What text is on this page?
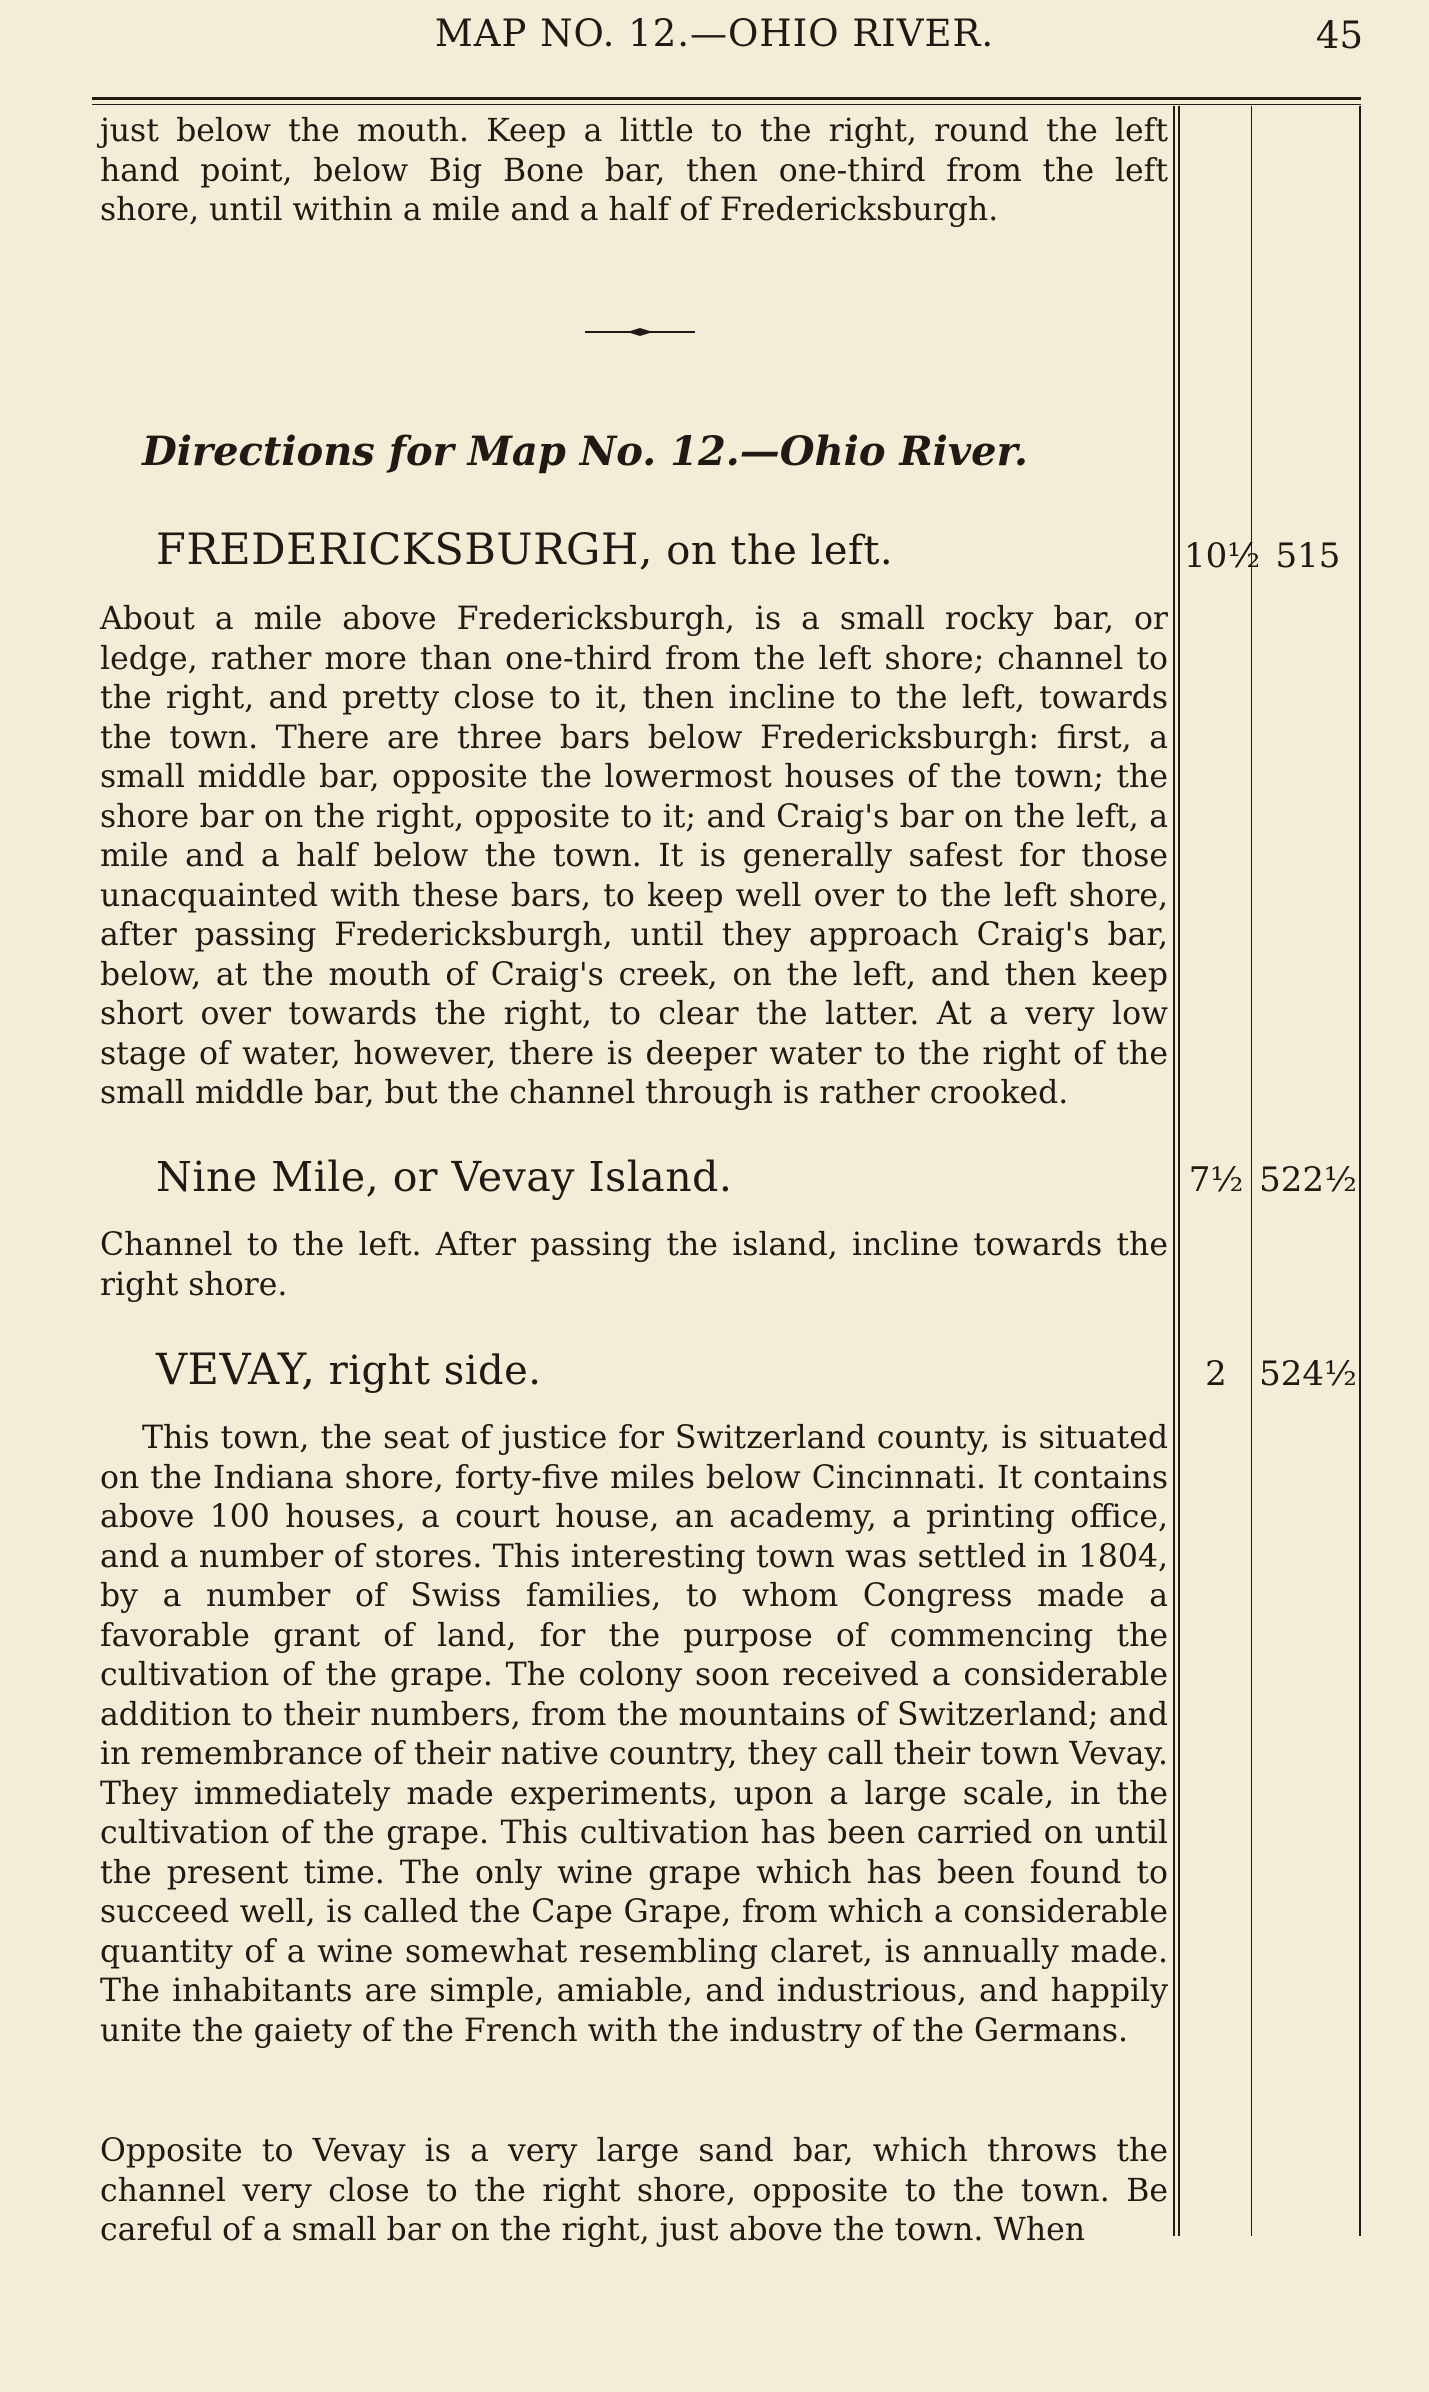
MAP NO. 12.—OHIO RIVER.	45

just below the mouth. Keep a little to the right, round the left hand point, below Big Bone bar, then one-third from the left shore, until within a mile and a half of Fredericksburgh.

Directions for Map No. 12.—Ohio River.
FREDERICKSBURGH, on the left.	10½ 515

About a mile above Fredericksburgh, is a small rocky bar, or ledge, rather more than one-third from the left shore; channel to the right, and pretty close to it, then incline to the left, towards the town. There are three bars below Fredericksburgh: first, a small middle bar, opposite the lowermost houses of the town; the shore bar on the right, opposite to it; and Craig's bar on the left, a mile and a half below the town. It is generally safest for those unacquainted with these bars, to keep well over to the left shore, after passing Fredericksburgh, until they approach Craig's bar, below, at the mouth of Craig's creek, on the left, and then keep short over towards the right, to clear the latter. At a very low stage of water, however, there is deeper water to the right of the small middle bar, but the channel through is rather crooked.

Nine Mile, or Vevay Island.	7½ 522½

Channel to the left. After passing the island, incline towards the right shore.

VEVAY, right side.	2 524½

This town, the seat of justice for Switzerland county, is situated on the Indiana shore, forty-five miles below Cincinnati. It contains above 100 houses, a court house, an academy, a printing office, and a number of stores. This interesting town was settled in 1804, by a number of Swiss families, to whom Congress made a favorable grant of land, for the purpose of commencing the cultivation of the grape. The colony soon received a considerable addition to their numbers, from the mountains of Switzerland; and in remembrance of their native country, they call their town Vevay. They immediately made experiments, upon a large scale, in the cultivation of the grape. This cultivation has been carried on until the present time. The only wine grape which has been found to succeed well, is called the Cape Grape, from which a considerable quantity of a wine somewhat resembling claret, is annually made. The inhabitants are simple, amiable, and industrious, and happily unite the gaiety of the French with the industry of the Germans.

Opposite to Vevay is a very large sand bar, which throws the channel very close to the right shore, opposite to the town. Be careful of a small bar on the right, just above the town. When
